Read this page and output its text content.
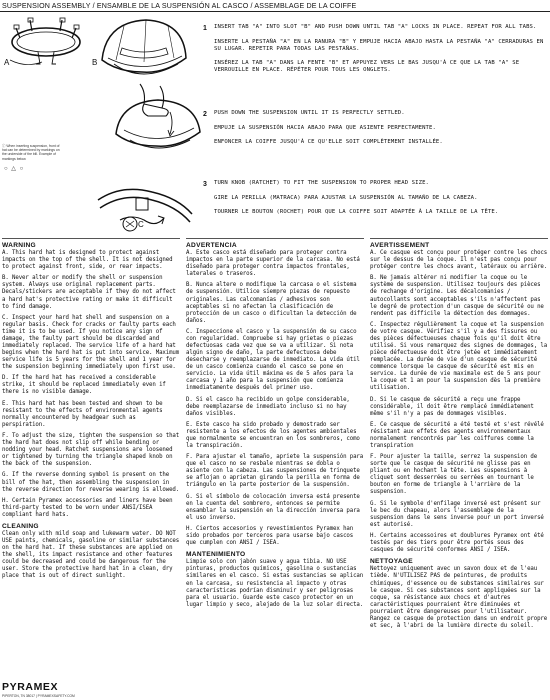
SUSPENSION ASSEMBLY / ENSAMBLE DE LA SUSPENSIÓN AL CASCO / ASSEMBLAGE DE LA COIFFE
A	B
C
ⓘ When inserting suspension, front of hat can be determined by markings on the underside of the bill. Example of markings below.
○ △ ○
1 INSERT TAB "A" INTO SLOT "B" AND PUSH DOWN UNTIL TAB "A" LOCKS IN PLACE. REPEAT FOR ALL TABS.

INSERTE LA PESTAÑA "A" EN LA RANURA "B" Y EMPUJE HACIA ABAJO HASTA LA PESTAÑA "A" CERRADURAS EN SU LUGAR. REPETIR PARA TODAS LAS PESTAÑAS.

INSÉREZ LA TAB "A" DANS LA FENTE "B" ET APPUYEZ VERS LE BAS JUSQU'À CE QUE LA TAB "A" SE VERROUILLE EN PLACE. RÉPÉTER POUR TOUS LES ONGLETS.

2 PUSH DOWN THE SUSPENSION UNTIL IT IS PERFECTLY SETTLED.

EMPUJE LA SUSPENSIÓN HACIA ABAJO PARA QUE ASIENTE PERFECTAMENTE.

ENFONCER LA COIFFE JUSQU'À CE QU'ELLE SOIT COMPLÈTEMENT INSTALLÉE.

3 TURN KNOB (RATCHET) TO FIT THE SUSPENSION TO PROPER HEAD SIZE.

GIRE LA PERILLA (MATRACA) PARA AJUSTAR LA SUSPENSIÓN AL TAMAÑO DE LA CABEZA.

TOURNER LE BOUTON (ROCHET) POUR QUE LA COIFFE SOIT ADAPTÉE À LA TAILLE DE LA TÊTE.

WARNING

A. This hard hat is designed to protect against impacts on the top of the shell. It is not designed to protect against front, side, or rear impacts.

B. Never alter or modify the shell or suspension system. Always use original replacement parts. Decals/stickers are acceptable if they do not affect a hard hat's protective rating or make it difficult to find damage.

C. Inspect your hard hat shell and suspension on a regular basis. Check for cracks or faulty parts each time it is to be used. If you notice any sign of damage, the faulty part should be discarded and immediately replaced. The service life of a hard hat begins when the hard hat is put into service. Maximum service life is 5 years for the shell and 1 year for the suspension beginning immediately upon first use.

D. If the hard hat has received a considerable strike, it should be replaced immediately even if there is no visible damage.

E. This hard hat has been tested and shown to be resistant to the effects of environmental agents normally encountered by headgear such as perspiration.

F. To adjust the size, tighten the suspension so that the hard hat does not slip off while bending or nodding your head. Ratchet suspensions are loosened or tightened by turning the triangle shaped knob on the back of the suspension.

G. If the reverse donning symbol is present on the bill of the hat, then assembling the suspension in the reverse direction for reverse wearing is allowed.

H. Certain Pyramex accessories and liners have been third-party tested to be worn under ANSI/ISEA compliant hard hats.

CLEANING

Clean only with mild soap and lukewarm water. DO NOT USE paints, chemicals, gasoline or similar substances on the hard hat. If these substances are applied on the shell, its impact resistance and other features could be decreased and could be dangerous for the user. Store the protective hard hat in a clean, dry place that is out of direct sunlight.

ADVERTENCIA

A. Este casco está diseñado para proteger contra impactos en la parte superior de la carcasa. No está diseñado para proteger contra impactos frontales, laterales o traseros.

B. Nunca altere o modifique la carcasa o el sistema de suspensión. Utilice siempre piezas de repuesto originales. Las calcomanías / adhesivos son aceptables si no afectan la clasificación de protección de un casco o dificultan la detección de daños.

C. Inspeccione el casco y la suspensión de su casco con regularidad. Compruebe si hay grietas o piezas defectuosas cada vez que se va a utilizar. Si nota algún signo de daño, la parte defectuosa debe desecharse y reemplazarse de inmediato. La vida útil de un casco comienza cuando el casco se pone en servicio. La vida útil máxima es de 5 años para la carcasa y 1 año para la suspensión que comienza inmediatamente después del primer uso.

D. Si el casco ha recibido un golpe considerable, debe reemplazarse de inmediato incluso si no hay daños visibles.

E. Este casco ha sido probado y demostrado ser resistente a los efectos de los agentes ambientales que normalmente se encuentran en los sombreros, como la transpiración.

F. Para ajustar el tamaño, apriete la suspensión para que el casco no se resbale mientras se dobla o asiente con la cabeza. Las suspensiones de trinquete se aflojan o aprietan girando la perilla en forma de triángulo en la parte posterior de la suspensión.

G. Si el símbolo de colocación inversa está presente en la cuenta del sombrero, entonces se permite ensamblar la suspensión en la dirección inversa para el uso inverso.

H. Ciertos accesorios y revestimientos Pyramex han sido probados por terceros para usarse bajo cascos que cumplen con ANSI / ISEA.

MANTENIMIENTO

Limpie solo con jabón suave y agua tibia. NO USE pinturas, productos químicos, gasolina o sustancias similares en el casco. Si estas sustancias se aplican en la carcasa, su resistencia al impacto y otras características podrían disminuir y ser peligrosas para el usuario. Guarde este casco protector en un lugar limpio y seco, alejado de la luz solar directa.

AVERTISSEMENT

A. Ce casque est conçu pour protéger contre les chocs sur le dessus de la coque. Il n'est pas conçu pour protéger contre les chocs avant, latéraux ou arrière.

B. Ne jamais altérer ni modifier la coque ou le système de suspension. Utilisez toujours des pièces de rechange d'origine. Les décalcomanies / autocollants sont acceptables s'ils n'affectent pas le degré de protection d'un casque de sécurité ou ne rendent pas difficile la détection des dommages.

C. Inspectez régulièrement la coque et la suspension de votre casque. Vérifiez s'il y a des fissures ou des pièces défectueuses chaque fois qu'il doit être utilisé. Si vous remarquez des signes de dommages, la pièce défectueuse doit être jetée et immédiatement remplacée. La durée de vie d'un casque de sécurité commence lorsque le casque de sécurité est mis en service. La durée de vie maximale est de 5 ans pour la coque et 1 an pour la suspension dès la première utilisation.

D. Si le casque de sécurité a reçu une frappe considérable, il doit être remplacé immédiatement même s'il n'y a pas de dommages visibles.

E. Ce casque de sécurité a été testé et s'est révélé résistant aux effets des agents environnementaux normalement rencontrés par les coiffures comme la transpiration

F. Pour ajuster la taille, serrez la suspension de sorte que le casque de sécurité ne glisse pas en pliant ou en hochant la tête. Les suspensions à cliquet sont desserrées ou serrées en tournant le bouton en forme de triangle à l'arrière de la suspension.

G. Si le symbole d'enfilage inversé est présent sur le bec du chapeau, alors l'assemblage de la suspension dans le sens inverse pour un port inversé est autorisé.

H. Certains accessoires et doublures Pyramex ont été testés par des tiers pour être portés sous des casques de sécurité conformes ANSI / ISEA.

NETTOYAGE

Nettoyez uniquement avec un savon doux et de l'eau tiède. N'UTILISEZ PAS de peintures, de produits chimiques, d'essence ou de substances similaires sur le casque. Si ces substances sont appliquées sur la coque, sa résistance aux chocs et d'autres caractéristiques pourraient être diminuées et pourraient être dangereuses pour l'utilisateur. Rangez ce casque de protection dans un endroit propre et sec, à l'abri de la lumière directe du soleil.

PYRAMEX
PIPERTON, TN 38017 | PYRAMEXSAFETY.COM
